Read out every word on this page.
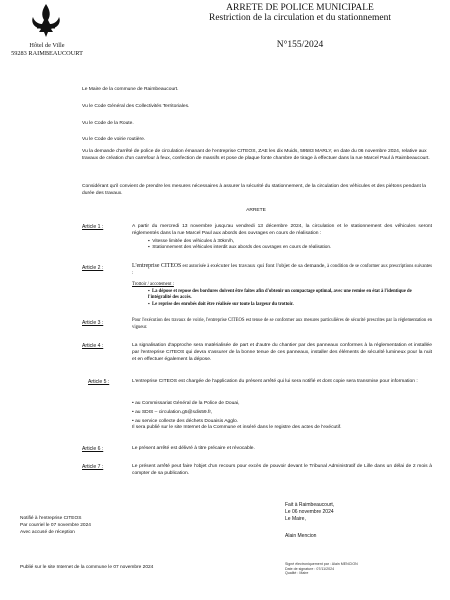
Hôtel de Ville
59283 RAIMBEAUCOURT
ARRETE DE POLICE MUNICIPALE
Restriction de la circulation et du stationnement
N°155/2024
Le Maire de la commune de Raimbeaucourt.
Vu le Code Général des Collectivités Territoriales.
Vu le Code de la Route.
Vu le Code de voirie routière.
Vu la demande d'arrêté de police de circulation émanant de l'entreprise CITEOS, ZAE les dix Muids, 59583 MARLY, en date du 06 novembre 2024, relative aux travaux de création d'un carrefour à feux, confection de massifs et pose de plaque fonte chambre de tirage à effectuer dans la rue Marcel Paul à Raimbeaucourt.
Considérant qu'il convient de prendre les mesures nécessaires à assurer la sécurité du stationnement, de la circulation des véhicules et des piétons pendant la durée des travaux.
ARRETE
Article 1 :	A partir du mercredi 13 novembre jusqu'au vendredi 13 décembre 2024, la circulation et le stationnement des véhicules seront réglementés dans la rue Marcel Paul aux abords des ouvrages en cours de réalisation :
▪  Vitesse limitée des véhicules à 30km/h,
▪  Stationnement des véhicules interdit aux abords des ouvrages en cours de réalisation.
Article 2 :	L'entreprise CITEOS est autorisée à exécuter les travaux qui font l'objet de sa demande, à condition de se conformer aux prescriptions suivantes :
Trottoir / accotement :
▪  La dépose et repose des bordures doivent être faites afin d'obtenir un compactage optimal, avec une remise en état à l'identique de l'intégralité des accès.
▪  Le reprise des enrobés doit être réalisée sur toute la largeur du trottoir.
Article 3 :	Pour l'exécution des travaux de voirie, l'entreprise CITEOS est tenue de se conformer aux mesures particulières de sécurité prescrites par la réglementation en vigueur.
Article 4 :	La signalisation d'approche sera matérialisée de part et d'autre du chantier par des panneaux conformes à la réglementation et installée par l'entreprise CITEOS qui devra s'assurer de la bonne tenue de ces panneaux, installer des éléments de sécurité lumineux pour la nuit et en effectuer également la dépose.
Article 5 :	L'entreprise CITEOS est chargée de l'application du présent arrêté qui lui sera notifié et dont copie sera transmise pour information :
• au Commissariat Général de la Police de Douai,
• au SDIS – circulation.g5@sdis59.fr,
• au service collecte des déchets Douaisis Agglo.
Il sera publié sur le site Internet de la Commune et inséré dans le registre des actes de l'exécutif.
Article 6 :	Le présent arrêté est délivré à titre précaire et révocable.
Article 7 :	Le présent arrêté peut faire l'objet d'un recours pour excès de pouvoir devant le Tribunal Administratif de Lille dans un délai de 2 mois à compter de sa publication.
Fait à Raimbeaucourt,
Le 06 novembre 2024
Le Maire,
Alain Mencion
Notifié à l'entreprise CITEOS
Par courriel le 07 novembre 2024
Avec accusé de réception
Publié sur le site Internet de la commune le 07 novembre 2024
Signé électroniquement par : Alain MENCION
Date de signature : 07/11/2024
Qualité : Maire
